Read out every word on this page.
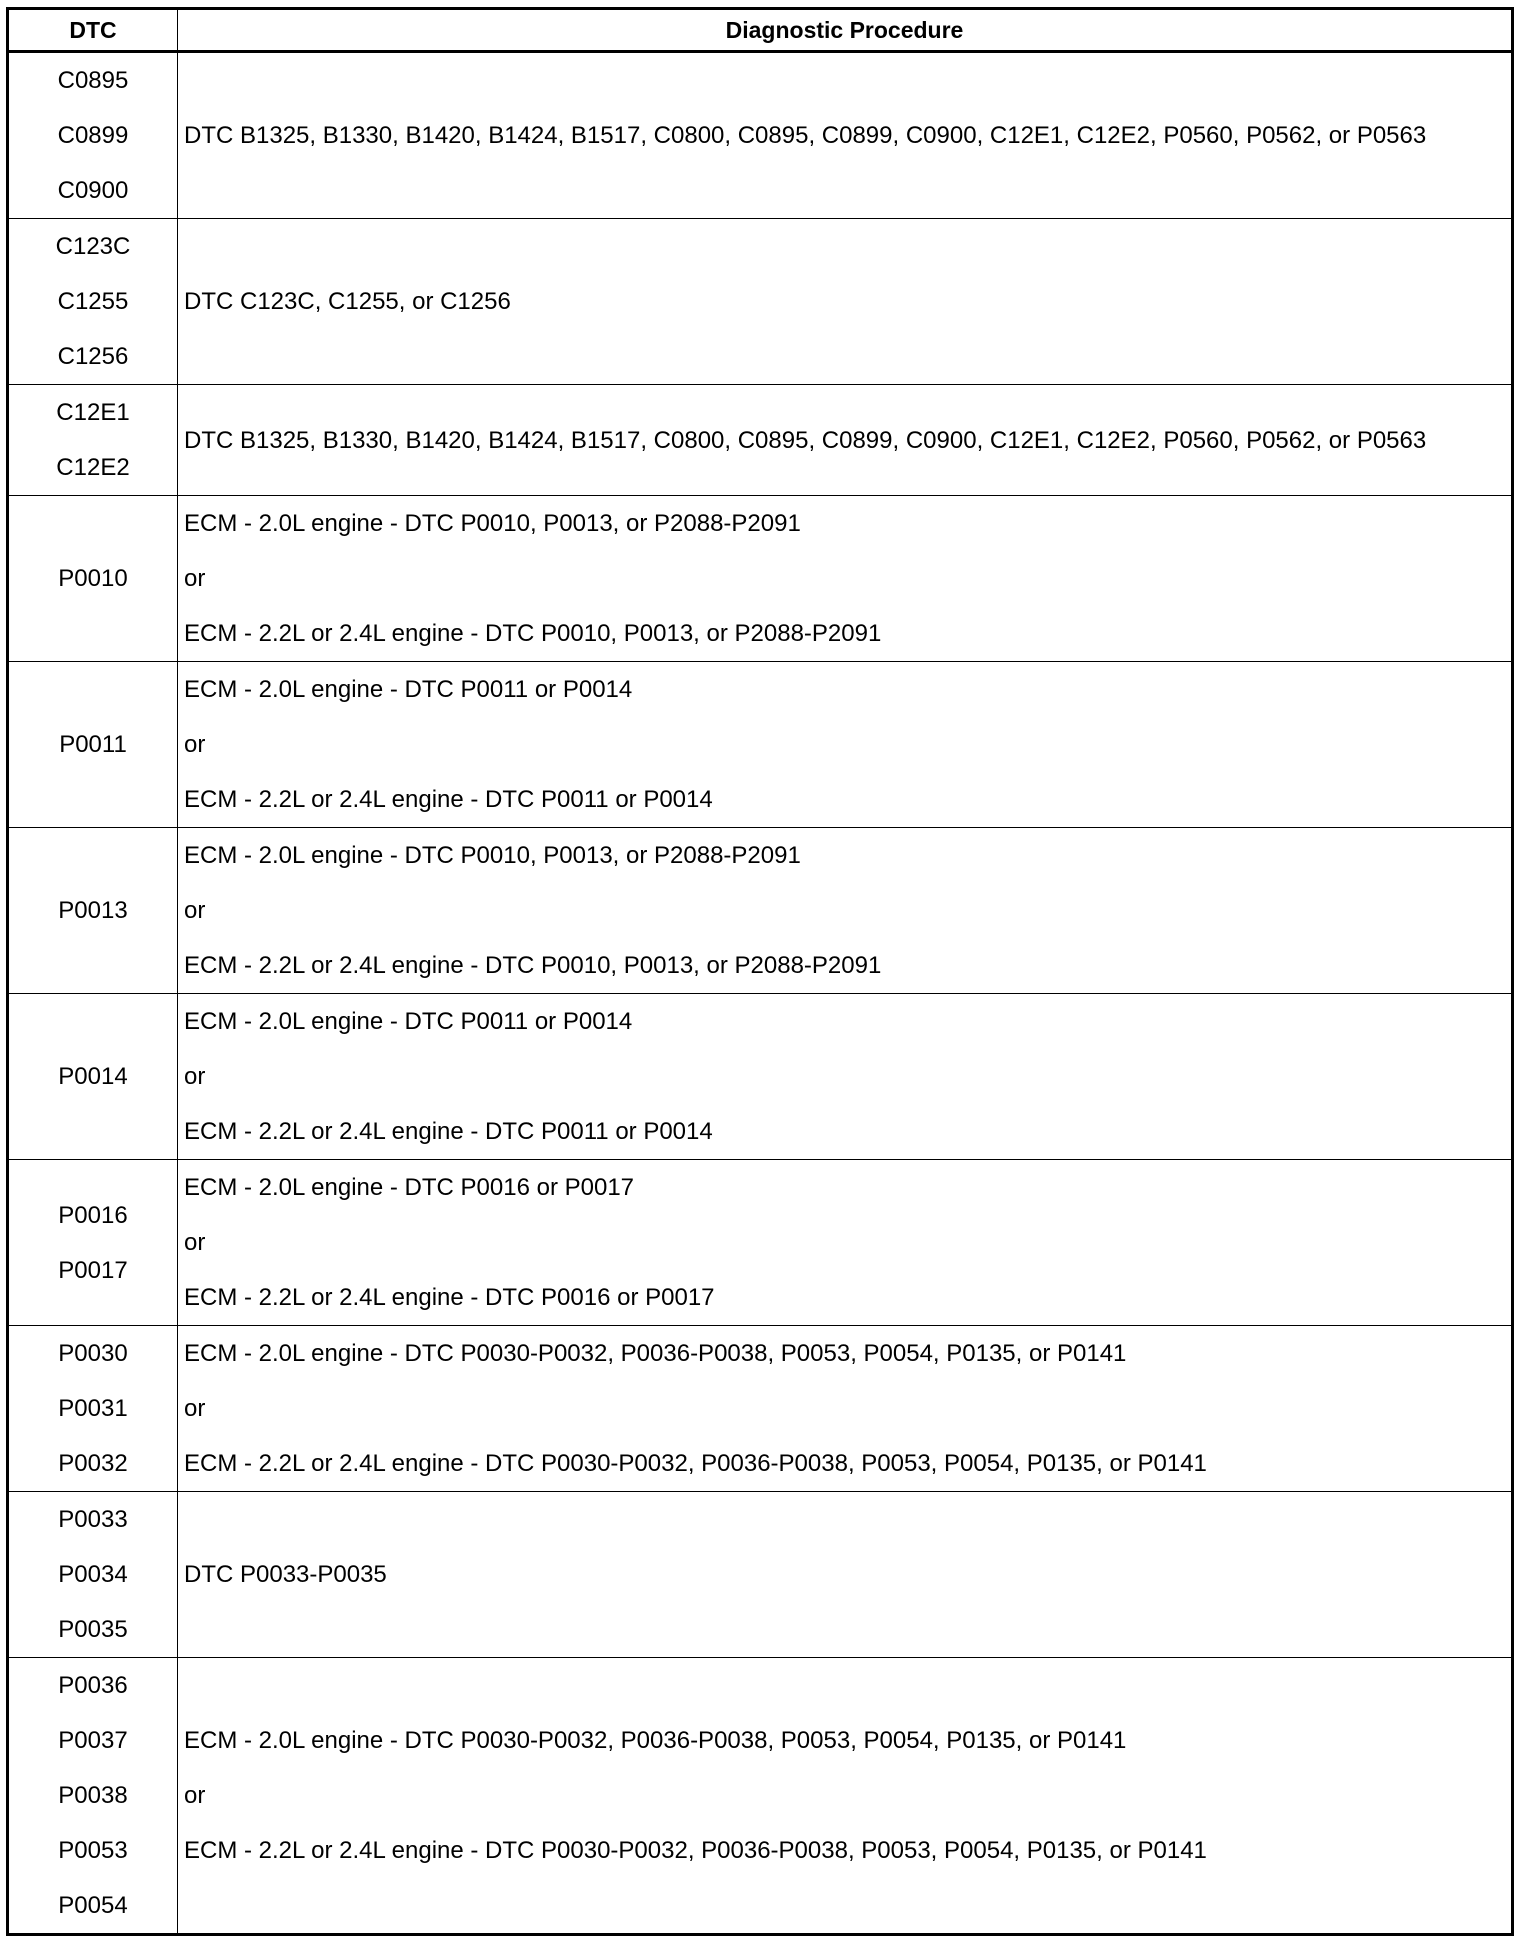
DTC	Diagnostic Procedure

C0895
C0899
C0900	DTC B1325, B1330, B1420, B1424, B1517, C0800, C0895, C0899, C0900, C12E1, C12E2, P0560, P0562, or P0563

C123C
C1255
C1256	DTC C123C, C1255, or C1256

C12E1
C12E2	DTC B1325, B1330, B1420, B1424, B1517, C0800, C0895, C0899, C0900, C12E1, C12E2, P0560, P0562, or P0563

P0010	ECM - 2.0L engine - DTC P0010, P0013, or P2088-P2091
or
ECM - 2.2L or 2.4L engine - DTC P0010, P0013, or P2088-P2091

P0011	ECM - 2.0L engine - DTC P0011 or P0014
or
ECM - 2.2L or 2.4L engine - DTC P0011 or P0014

P0013	ECM - 2.0L engine - DTC P0010, P0013, or P2088-P2091
or
ECM - 2.2L or 2.4L engine - DTC P0010, P0013, or P2088-P2091

P0014	ECM - 2.0L engine - DTC P0011 or P0014
or
ECM - 2.2L or 2.4L engine - DTC P0011 or P0014

P0016
P0017	ECM - 2.0L engine - DTC P0016 or P0017
or
ECM - 2.2L or 2.4L engine - DTC P0016 or P0017

P0030
P0031
P0032	ECM - 2.0L engine - DTC P0030-P0032, P0036-P0038, P0053, P0054, P0135, or P0141
or
ECM - 2.2L or 2.4L engine - DTC P0030-P0032, P0036-P0038, P0053, P0054, P0135, or P0141

P0033
P0034
P0035	DTC P0033-P0035

P0036
P0037
P0038
P0053
P0054	ECM - 2.0L engine - DTC P0030-P0032, P0036-P0038, P0053, P0054, P0135, or P0141
or
ECM - 2.2L or 2.4L engine - DTC P0030-P0032, P0036-P0038, P0053, P0054, P0135, or P0141
